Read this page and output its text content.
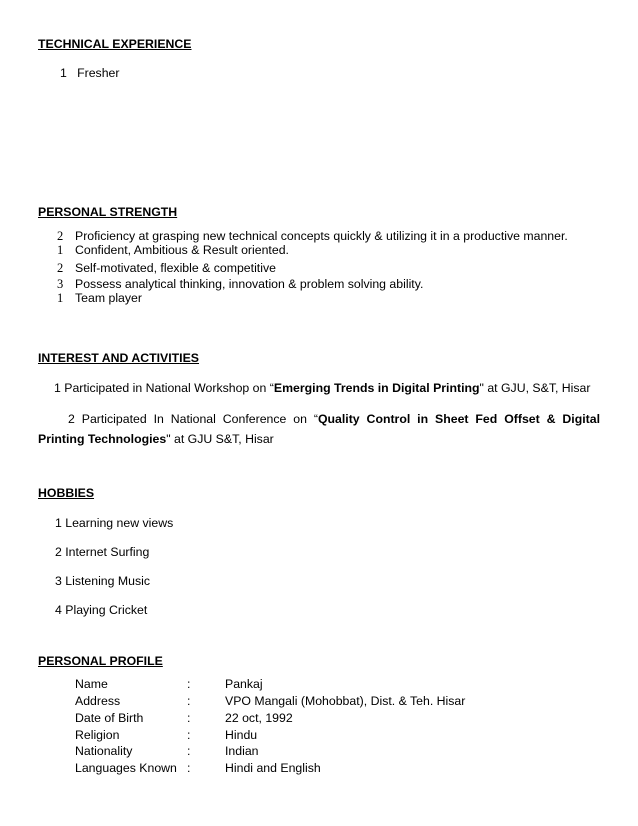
TECHNICAL EXPERIENCE
1 Fresher
PERSONAL STRENGTH
2 Proficiency at grasping new technical concepts quickly & utilizing it in a productive manner.
1 Confident, Ambitious & Result oriented.
2 Self-motivated, flexible & competitive
3 Possess analytical thinking, innovation & problem solving ability.
1 Team player
INTEREST AND ACTIVITIES
1 Participated in National Workshop on “Emerging Trends in Digital Printing" at GJU, S&T, Hisar
2 Participated In National Conference on “Quality Control in Sheet Fed Offset & Digital Printing Technologies" at GJU S&T, Hisar
HOBBIES
1 Learning new views
2 Internet Surfing
3 Listening Music
4 Playing Cricket
PERSONAL PROFILE
Name	:	Pankaj
Address	:	VPO Mangali (Mohobbat), Dist. & Teh. Hisar
Date of Birth	:	22 oct, 1992
Religion	:	Hindu
Nationality	:	Indian
Languages Known :	Hindi and English
